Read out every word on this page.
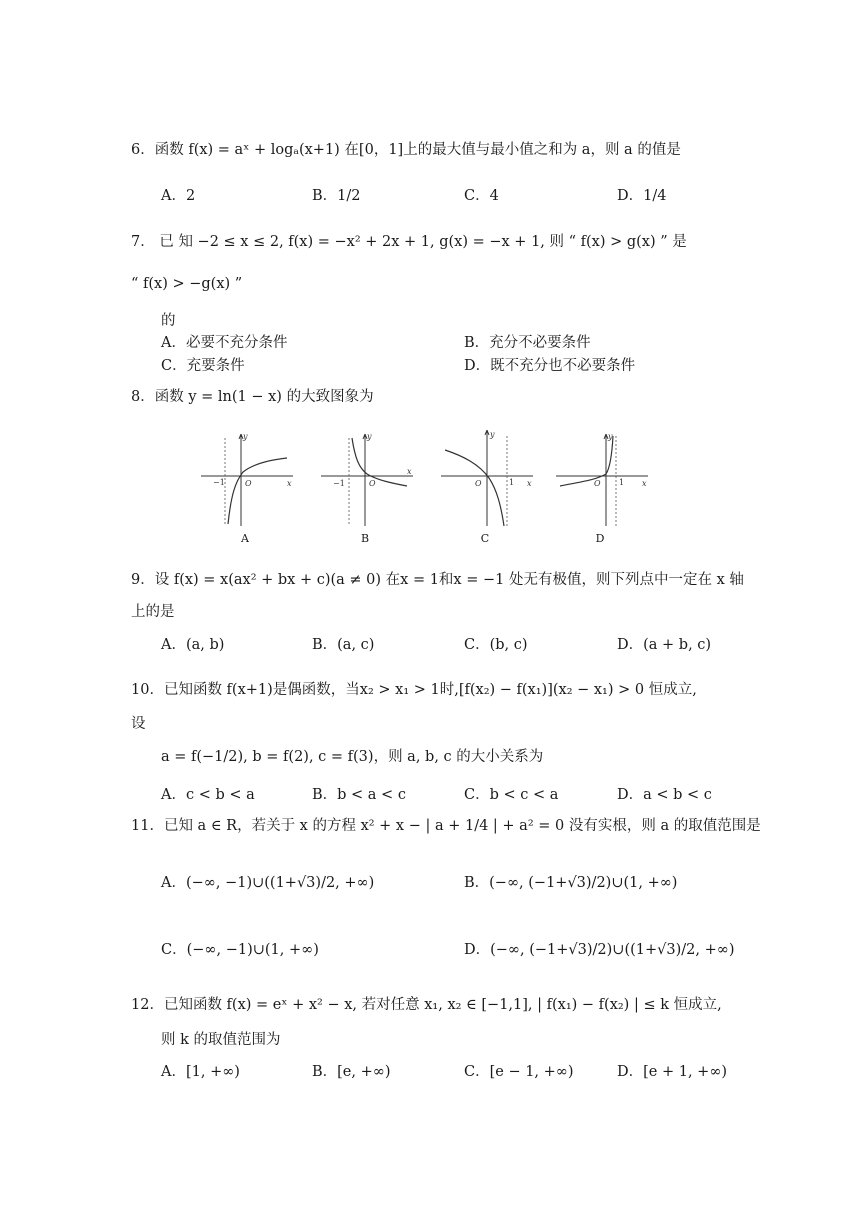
6．函数 f(x) = aˣ + logₐ(x+1) 在[0，1]上的最大值与最小值之和为 a，则 a 的值是
A．2	B．1/2	C．4	D．1/4
7． 已 知 −2 ≤ x ≤ 2, f(x) = −x² + 2x + 1, g(x) = −x + 1, 则 “ f(x) > g(x) ” 是
“ f(x) > −g(x) ”
的
A．必要不充分条件	B．充分不必要条件
C．充要条件	D．既不充分也不必要条件
8．函数 y = ln(1 − x) 的大致图象为
y
x
−1	O
A
y
x
−1	O
B
y
x
O	1
C
y
x
O 1
D
9．设 f(x) = x(ax² + bx + c)(a ≠ 0) 在x = 1和x = −1 处无有极值，则下列点中一定在 x 轴
上的是
A．(a, b)	B．(a, c)	C．(b, c)	D．(a + b, c)
10．已知函数 f(x+1)是偶函数，当x₂ > x₁ > 1时,[f(x₂) − f(x₁)](x₂ − x₁) > 0 恒成立,
设
a = f(−1/2), b = f(2), c = f(3)，则 a, b, c 的大小关系为
A．c < b < a	B．b < a < c	C．b < c < a	D．a < b < c
11．已知 a ∈ R，若关于 x 的方程 x² + x − | a + 1/4 | + a² = 0 没有实根，则 a 的取值范围是
A．(−∞, −1)∪((1+√3)/2, +∞)	B．(−∞, (−1+√3)/2)∪(1, +∞)
C．(−∞, −1)∪(1, +∞)	D．(−∞, (−1+√3)/2)∪((1+√3)/2, +∞)
12．已知函数 f(x) = eˣ + x² − x, 若对任意 x₁, x₂ ∈ [−1,1], | f(x₁) − f(x₂) | ≤ k 恒成立,
则 k 的取值范围为
A．[1, +∞)	B．[e, +∞)	C．[e − 1, +∞)	D．[e + 1, +∞)
